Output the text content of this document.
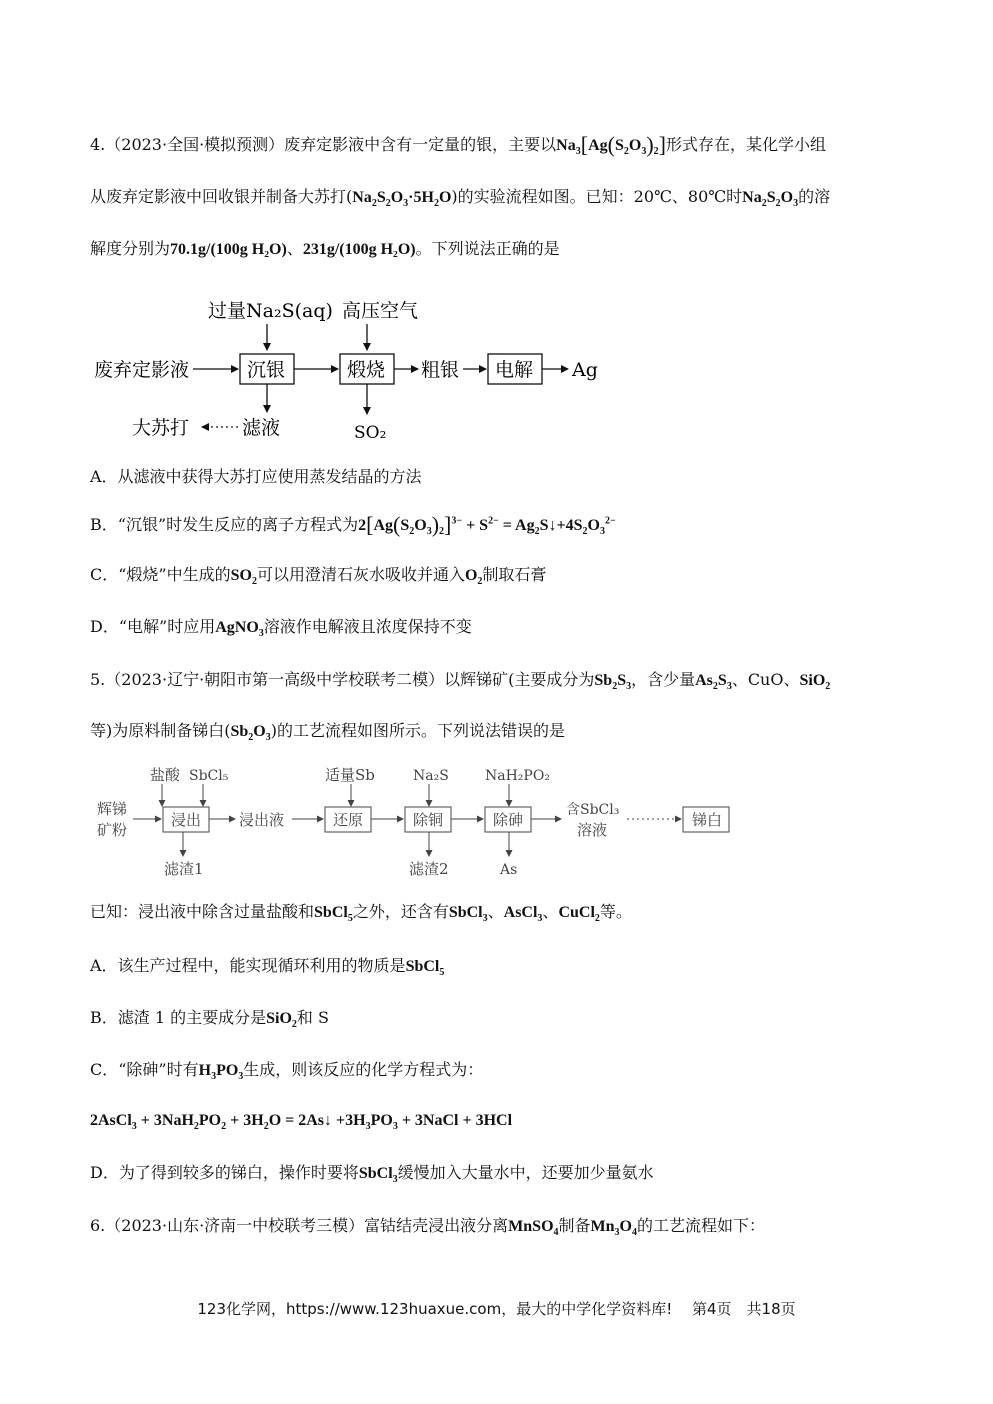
4.（2023·全国·模拟预测）废弃定影液中含有一定量的银，主要以$Na_3[Ag(S_2O_3)_2]$形式存在，某化学小组
从废弃定影液中回收银并制备大苏打$(Na_2S_2O_3\cdot 5H_2O)$的实验流程如图。已知：20℃、80℃时$Na_2S_2O_3$的溶
解度分别为70.1g/(100g H₂O)、231g/(100g H₂O)。下列说法正确的是
过量Na₂S(aq) 高压空气
废弃定影液	沉银	煅烧 粗银 电解 Ag
大苏打	滤液	SO₂
A．从滤液中获得大苏打应使用蒸发结晶的方法
B．“沉银”时发生反应的离子方程式为$2[Ag(S_2O_3)_2]^{3-} + S^{2-}$ = $Ag_2S↓+4S_2O_3^{2-}$
C．“煅烧”中生成的$SO_2$可以用澄清石灰水吸收并通入$O_2$制取石膏
D．“电解”时应用AgNO$_3$溶液作电解液且浓度保持不变
5.（2023·辽宁·朝阳市第一高级中学校联考二模）以辉锑矿(主要成分为$Sb_2S_3$，含少量$As_2S_3$、CuO、SiO$_2$
等)为原料制备锑白$(Sb_2O_3)$的工艺流程如图所示。下列说法错误的是
盐酸 SbCl₅	适量Sb	Na₂S	NaH₂PO₂
辉锑
矿粉
浸出	浸出液	还原	除铜	除砷
含SbCl₃
溶液
锑白
滤渣1	滤渣2	As
已知：浸出液中除含过量盐酸和SbCl$_5$之外，还含有SbCl$_3$、AsCl$_3$、CuCl$_2$等。
A．该生产过程中，能实现循环利用的物质是SbCl$_5$
B．滤渣 1 的主要成分是SiO$_2$和 S
C．“除砷”时有$H_3PO_3$生成，则该反应的化学方程式为：
2AsCl$_3$ + $3NaH_2PO_2 + 3H_2O$ = 2As↓ $+3H_3PO_3$ + 3NaCl + 3HCl
D．为了得到较多的锑白，操作时要将SbCl$_3$缓慢加入大量水中，还要加少量氨水
6.（2023·山东·济南一中校联考三模）富钴结壳浸出液分离MnSO$_4$制备$Mn_3O_4$的工艺流程如下：
123化学网，https://www.123huaxue.com，最大的中学化学资料库!　 第4页　共18页
